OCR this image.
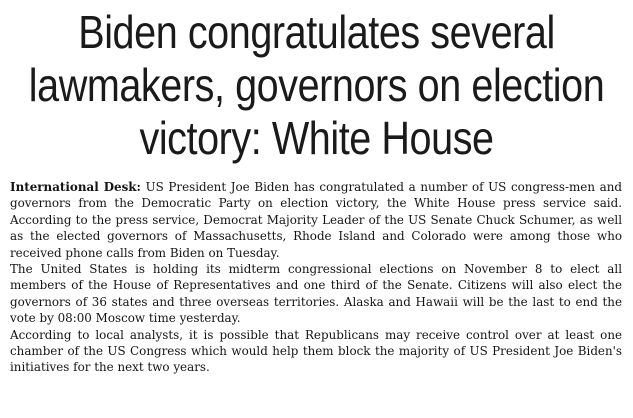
Biden congratulates several lawmakers, governors on election victory: White House

International Desk: US President Joe Biden has congratulated a number of US congress-men and governors from the Democratic Party on election victory, the White House press service said. According to the press service, Democrat Majority Leader of the US Senate Chuck Schumer, as well as the elected governors of Massachusetts, Rhode Island and Colorado were among those who received phone calls from Biden on Tuesday.

The United States is holding its midterm congressional elections on November 8 to elect all members of the House of Representatives and one third of the Senate. Citizens will also elect the governors of 36 states and three overseas territories. Alaska and Hawaii will be the last to end the vote by 08:00 Moscow time yesterday.

According to local analysts, it is possible that Republicans may receive control over at least one chamber of the US Congress which would help them block the majority of US President Joe Biden's initiatives for the next two years.
